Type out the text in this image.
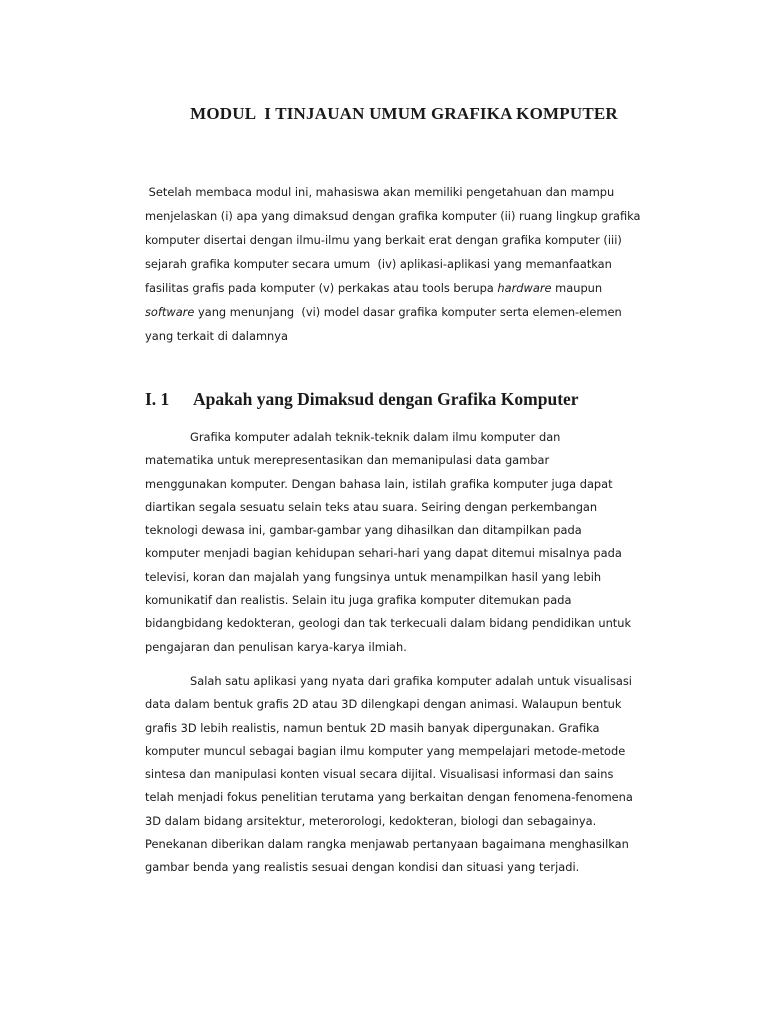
MODUL  I TINJAUAN UMUM GRAFIKA KOMPUTER
Setelah membaca modul ini, mahasiswa akan memiliki pengetahuan dan mampu
menjelaskan (i) apa yang dimaksud dengan grafika komputer (ii) ruang lingkup grafika
komputer disertai dengan ilmu-ilmu yang berkait erat dengan grafika komputer (iii)
sejarah grafika komputer secara umum  (iv) aplikasi-aplikasi yang memanfaatkan
fasilitas grafis pada komputer (v) perkakas atau tools berupa hardware maupun
software yang menunjang  (vi) model dasar grafika komputer serta elemen-elemen
yang terkait di dalamnya
I. 1 Apakah yang Dimaksud dengan Grafika Komputer
Grafika komputer adalah teknik-teknik dalam ilmu komputer dan
matematika untuk merepresentasikan dan memanipulasi data gambar
menggunakan komputer. Dengan bahasa lain, istilah grafika komputer juga dapat
diartikan segala sesuatu selain teks atau suara. Seiring dengan perkembangan
teknologi dewasa ini, gambar-gambar yang dihasilkan dan ditampilkan pada
komputer menjadi bagian kehidupan sehari-hari yang dapat ditemui misalnya pada
televisi, koran dan majalah yang fungsinya untuk menampilkan hasil yang lebih
komunikatif dan realistis. Selain itu juga grafika komputer ditemukan pada
bidangbidang kedokteran, geologi dan tak terkecuali dalam bidang pendidikan untuk
pengajaran dan penulisan karya-karya ilmiah.
Salah satu aplikasi yang nyata dari grafika komputer adalah untuk visualisasi
data dalam bentuk grafis 2D atau 3D dilengkapi dengan animasi. Walaupun bentuk
grafis 3D lebih realistis, namun bentuk 2D masih banyak dipergunakan. Grafika
komputer muncul sebagai bagian ilmu komputer yang mempelajari metode-metode
sintesa dan manipulasi konten visual secara dijital. Visualisasi informasi dan sains
telah menjadi fokus penelitian terutama yang berkaitan dengan fenomena-fenomena
3D dalam bidang arsitektur, meterorologi, kedokteran, biologi dan sebagainya.
Penekanan diberikan dalam rangka menjawab pertanyaan bagaimana menghasilkan
gambar benda yang realistis sesuai dengan kondisi dan situasi yang terjadi.
